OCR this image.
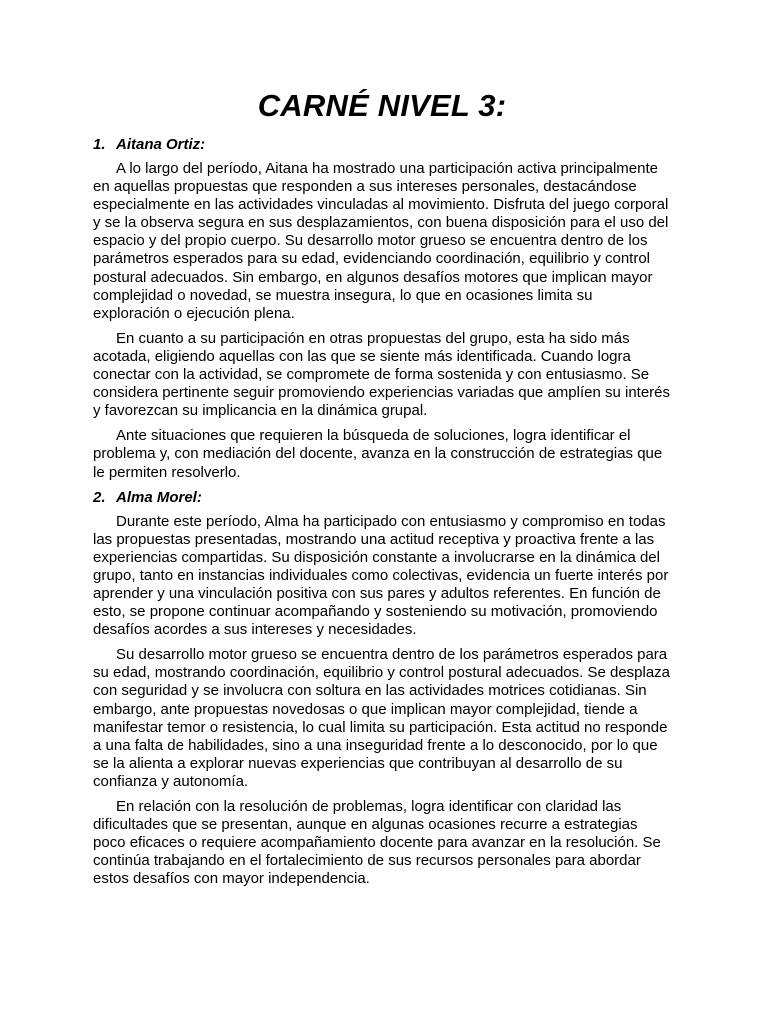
CARNÉ NIVEL 3:
1. Aitana Ortiz:

A lo largo del período, Aitana ha mostrado una participación activa principalmente en aquellas propuestas que responden a sus intereses personales, destacándose especialmente en las actividades vinculadas al movimiento. Disfruta del juego corporal y se la observa segura en sus desplazamientos, con buena disposición para el uso del espacio y del propio cuerpo. Su desarrollo motor grueso se encuentra dentro de los parámetros esperados para su edad, evidenciando coordinación, equilibrio y control postural adecuados. Sin embargo, en algunos desafíos motores que implican mayor complejidad o novedad, se muestra insegura, lo que en ocasiones limita su exploración o ejecución plena.

En cuanto a su participación en otras propuestas del grupo, esta ha sido más acotada, eligiendo aquellas con las que se siente más identificada. Cuando logra conectar con la actividad, se compromete de forma sostenida y con entusiasmo. Se considera pertinente seguir promoviendo experiencias variadas que amplíen su interés y favorezcan su implicancia en la dinámica grupal.

Ante situaciones que requieren la búsqueda de soluciones, logra identificar el problema y, con mediación del docente, avanza en la construcción de estrategias que le permiten resolverlo.

2. Alma Morel:

Durante este período, Alma ha participado con entusiasmo y compromiso en todas las propuestas presentadas, mostrando una actitud receptiva y proactiva frente a las experiencias compartidas. Su disposición constante a involucrarse en la dinámica del grupo, tanto en instancias individuales como colectivas, evidencia un fuerte interés por aprender y una vinculación positiva con sus pares y adultos referentes. En función de esto, se propone continuar acompañando y sosteniendo su motivación, promoviendo desafíos acordes a sus intereses y necesidades.

Su desarrollo motor grueso se encuentra dentro de los parámetros esperados para su edad, mostrando coordinación, equilibrio y control postural adecuados. Se desplaza con seguridad y se involucra con soltura en las actividades motrices cotidianas. Sin embargo, ante propuestas novedosas o que implican mayor complejidad, tiende a manifestar temor o resistencia, lo cual limita su participación. Esta actitud no responde a una falta de habilidades, sino a una inseguridad frente a lo desconocido, por lo que se la alienta a explorar nuevas experiencias que contribuyan al desarrollo de su confianza y autonomía.

En relación con la resolución de problemas, logra identificar con claridad las dificultades que se presentan, aunque en algunas ocasiones recurre a estrategias poco eficaces o requiere acompañamiento docente para avanzar en la resolución. Se continúa trabajando en el fortalecimiento de sus recursos personales para abordar estos desafíos con mayor independencia.
